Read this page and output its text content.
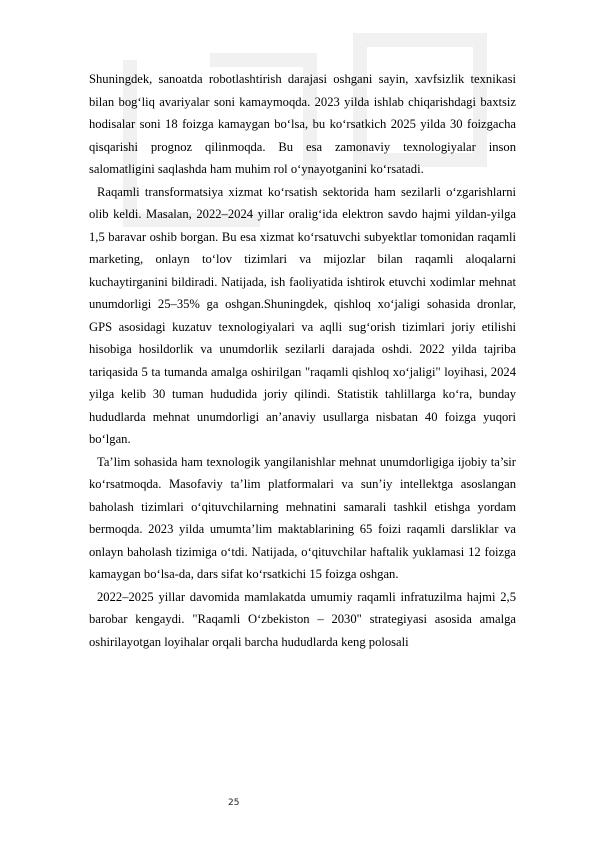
Shuningdek, sanoatda robotlashtirish darajasi oshgani sayin, xavfsizlik texnikasi bilan bog‘liq avariyalar soni kamaymoqda. 2023 yilda ishlab chiqarishdagi baxtsiz hodisalar soni 18 foizga kamaygan bo‘lsa, bu ko‘rsatkich 2025 yilda 30 foizgacha qisqarishi prognoz qilinmoqda. Bu esa zamonaviy texnologiyalar inson salomatligini saqlashda ham muhim rol o‘ynayotganini ko‘rsatadi.

Raqamli transformatsiya xizmat ko‘rsatish sektorida ham sezilarli o‘zgarishlarni olib keldi. Masalan, 2022–2024 yillar oralig‘ida elektron savdo hajmi yildan-yilga 1,5 baravar oshib borgan. Bu esa xizmat ko‘rsatuvchi subyektlar tomonidan raqamli marketing, onlayn to‘lov tizimlari va mijozlar bilan raqamli aloqalarni kuchaytirganini bildiradi. Natijada, ish faoliyatida ishtirok etuvchi xodimlar mehnat unumdorligi 25–35% ga oshgan.Shuningdek, qishloq xo‘jaligi sohasida dronlar, GPS asosidagi kuzatuv texnologiyalari va aqlli sug‘orish tizimlari joriy etilishi hisobiga hosildorlik va unumdorlik sezilarli darajada oshdi. 2022 yilda tajriba tariqasida 5 ta tumanda amalga oshirilgan "raqamli qishloq xo‘jaligi" loyihasi, 2024 yilga kelib 30 tuman hududida joriy qilindi. Statistik tahlillarga ko‘ra, bunday hududlarda mehnat unumdorligi an’anaviy usullarga nisbatan 40 foizga yuqori bo‘lgan.

Ta’lim sohasida ham texnologik yangilanishlar mehnat unumdorligiga ijobiy ta’sir ko‘rsatmoqda. Masofaviy ta’lim platformalari va sun’iy intellektga asoslangan baholash tizimlari o‘qituvchilarning mehnatini samarali tashkil etishga yordam bermoqda. 2023 yilda umumta’lim maktablarining 65 foizi raqamli darsliklar va onlayn baholash tizimiga o‘tdi. Natijada, o‘qituvchilar haftalik yuklamasi 12 foizga kamaygan bo‘lsa-da, dars sifat ko‘rsatkichi 15 foizga oshgan.

2022–2025 yillar davomida mamlakatda umumiy raqamli infratuzilma hajmi 2,5 barobar kengaydi. "Raqamli O‘zbekiston – 2030" strategiyasi asosida amalga oshirilayotgan loyihalar orqali barcha hududlarda keng polosali

25
